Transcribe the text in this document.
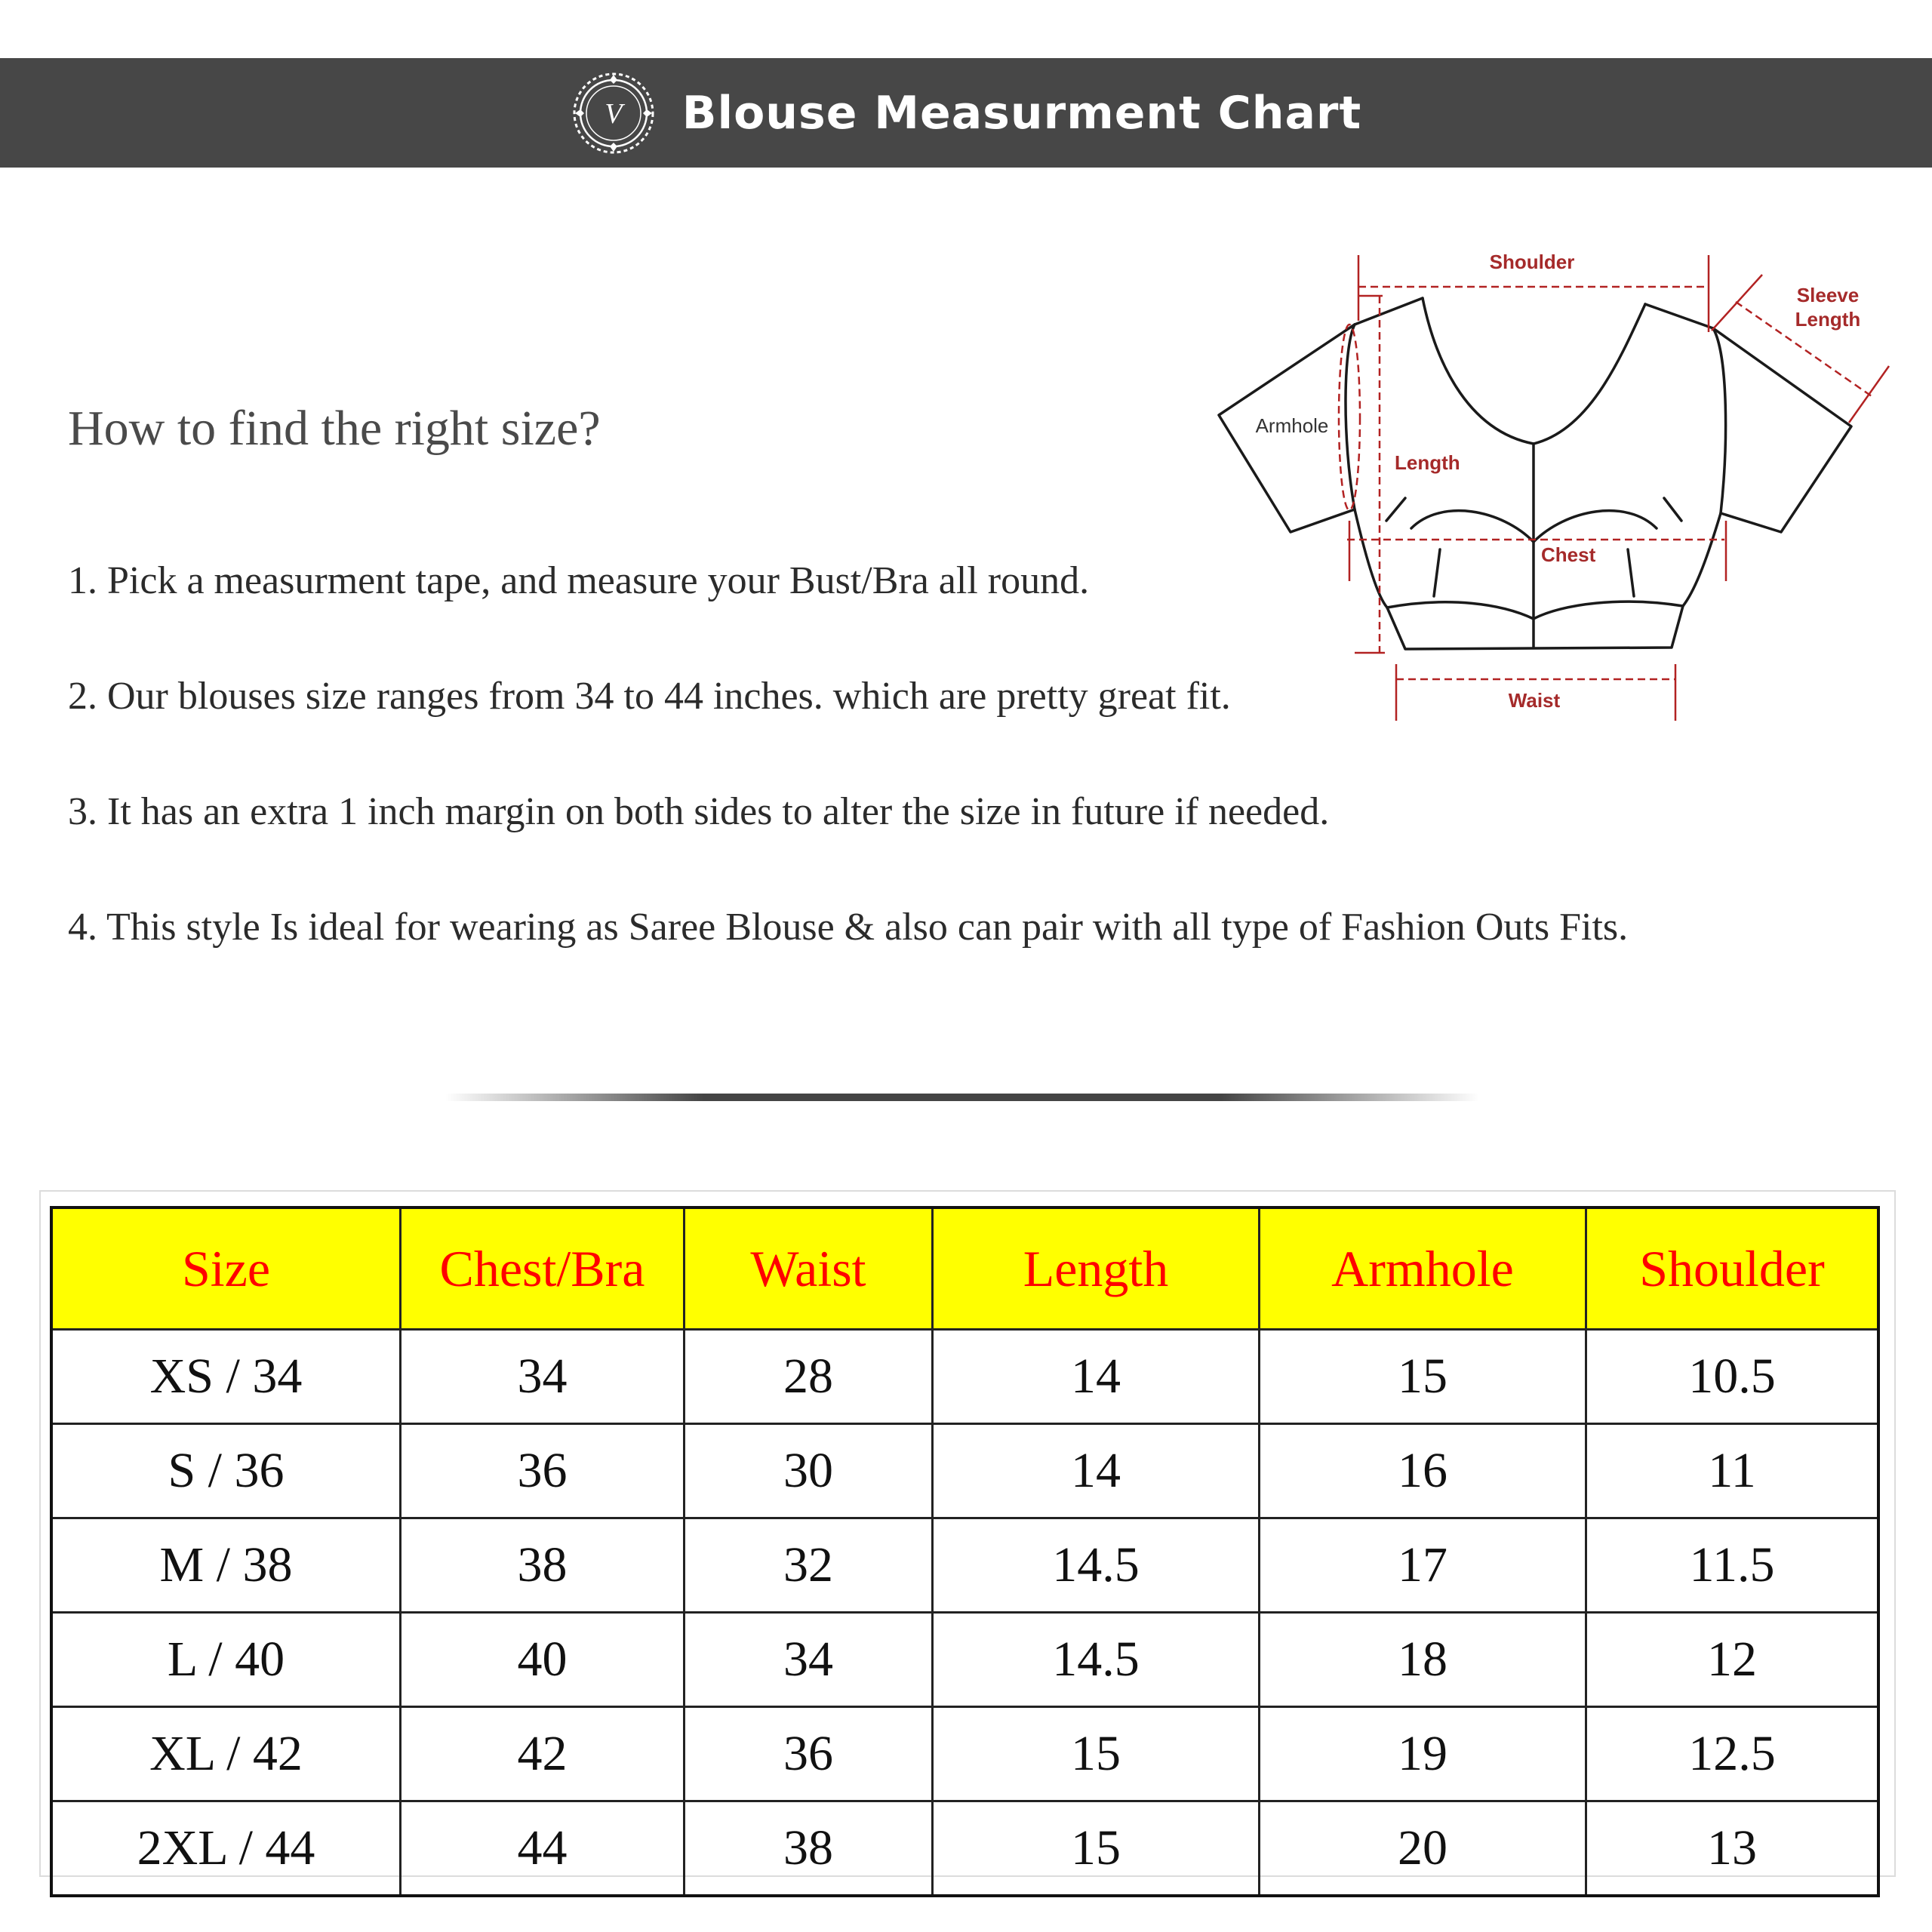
V Blouse Measurment Chart
How to find the right size?
1. Pick a measurment tape, and measure your Bust/Bra all round.
2. Our blouses size ranges from 34 to 44 inches. which are pretty great fit.
3. It has an extra 1 inch margin on both sides to alter the size in future if needed.
4. This style Is ideal for wearing as Saree Blouse & also can pair with all type of Fashion Outs Fits.
Shoulder
Sleeve
Length
Armhole
Length
Chest
Waist
Size	Chest/Bra	Waist	Length	Armhole	Shoulder
XS / 34	34	28	14	15	10.5
S / 36	36	30	14	16	11
M / 38	38	32	14.5	17	11.5
L / 40	40	34	14.5	18	12
XL / 42	42	36	15	19	12.5
2XL / 44	44	38	15	20	13
